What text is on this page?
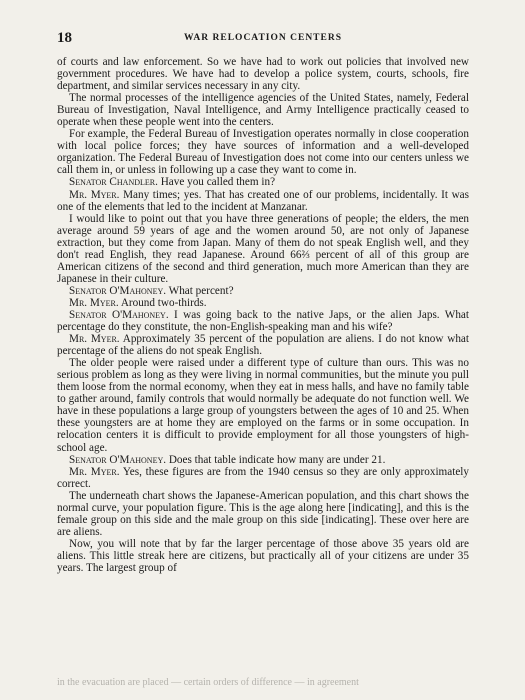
18	WAR RELOCATION CENTERS

of courts and law enforcement. So we have had to work out policies that involved new government procedures. We have had to develop a police system, courts, schools, fire department, and similar services necessary in any city.

The normal processes of the intelligence agencies of the United States, namely, Federal Bureau of Investigation, Naval Intelligence, and Army Intelligence practically ceased to operate when these people went into the centers.

For example, the Federal Bureau of Investigation operates normally in close cooperation with local police forces; they have sources of information and a well-developed organization. The Federal Bureau of Investigation does not come into our centers unless we call them in, or unless in following up a case they want to come in.

Senator Chandler. Have you called them in?

Mr. Myer. Many times; yes. That has created one of our problems, incidentally. It was one of the elements that led to the incident at Manzanar.

I would like to point out that you have three generations of people; the elders, the men average around 59 years of age and the women around 50, are not only of Japanese extraction, but they come from Japan. Many of them do not speak English well, and they don't read English, they read Japanese. Around 66⅔ percent of all of this group are American citizens of the second and third generation, much more American than they are Japanese in their culture.

Senator O'Mahoney. What percent?

Mr. Myer. Around two-thirds.

Senator O'Mahoney. I was going back to the native Japs, or the alien Japs. What percentage do they constitute, the non-English-speaking man and his wife?

Mr. Myer. Approximately 35 percent of the population are aliens. I do not know what percentage of the aliens do not speak English.

The older people were raised under a different type of culture than ours. This was no serious problem as long as they were living in normal communities, but the minute you pull them loose from the normal economy, when they eat in mess halls, and have no family table to gather around, family controls that would normally be adequate do not function well. We have in these populations a large group of youngsters between the ages of 10 and 25. When these youngsters are at home they are employed on the farms or in some occupation. In relocation centers it is difficult to provide employment for all those youngsters of high-school age.

Senator O'Mahoney. Does that table indicate how many are under 21.

Mr. Myer. Yes, these figures are from the 1940 census so they are only approximately correct.

The underneath chart shows the Japanese-American population, and this chart shows the normal curve, your population figure. This is the age along here [indicating], and this is the female group on this side and the male group on this side [indicating]. These over here are are aliens.

Now, you will note that by far the larger percentage of those above 35 years old are aliens. This little streak here are citizens, but practically all of your citizens are under 35 years. The largest group of

in the evacuation are placed — certain orders of difference — in agreement
